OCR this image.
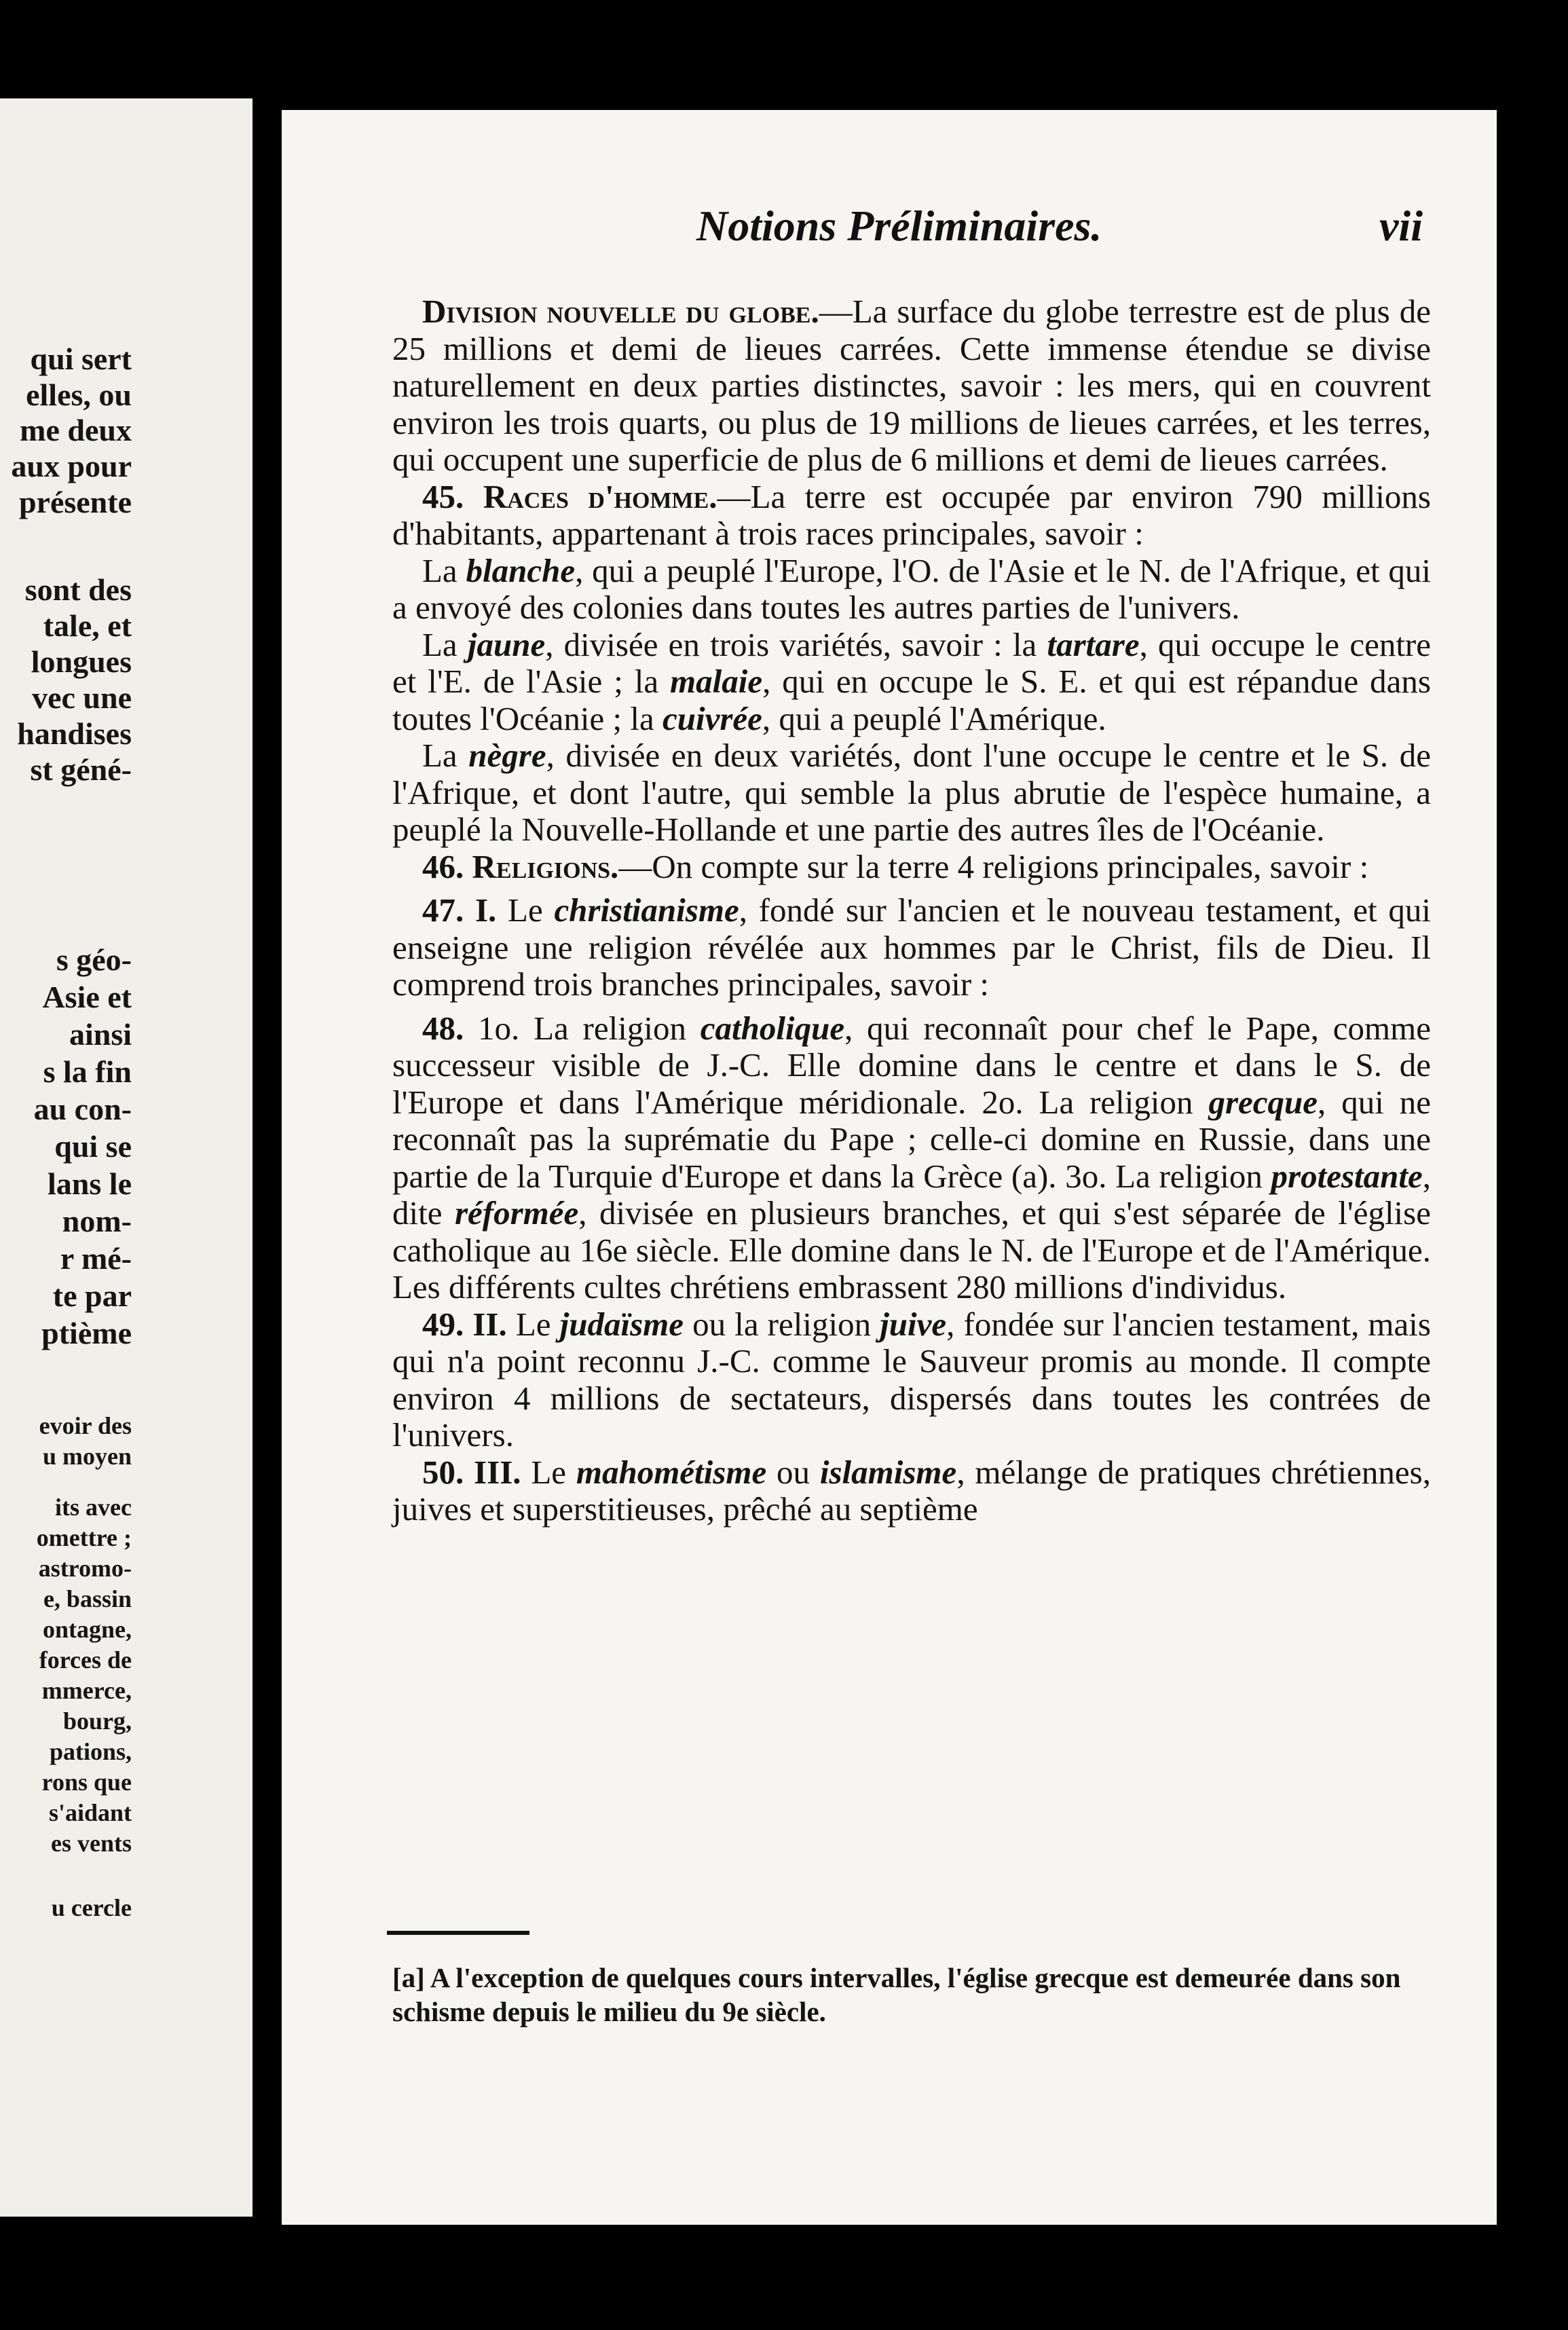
qui sert
elles, ou
me deux
aux pour
présente
sont des
tale, et
longues
vec une
handises
st géné-
s géo-
Asie et
ainsi
s la fin
au con-
qui se
lans le
nom-
r mé-
te par
ptième
evoir des
u moyen
its avec
omettre ;
astromo-
e, bassin
ontagne,
forces de
mmerce,
bourg,
pations,
rons que
s'aidant
es vents
u cercle
Notions Préliminaires.	vii

Division nouvelle du globe.—La surface du globe terrestre est de plus de 25 millions et demi de lieues carrées. Cette immense étendue se divise naturellement en deux parties distinctes, savoir : les mers, qui en couvrent environ les trois quarts, ou plus de 19 millions de lieues carrées, et les terres, qui occupent une superficie de plus de 6 millions et demi de lieues carrées.

45. Races d'homme.—La terre est occupée par environ 790 millions d'habitants, appartenant à trois races principales, savoir :

La blanche, qui a peuplé l'Europe, l'O. de l'Asie et le N. de l'Afrique, et qui a envoyé des colonies dans toutes les autres parties de l'univers.

La jaune, divisée en trois variétés, savoir : la tartare, qui occupe le centre et l'E. de l'Asie ; la malaie, qui en occupe le S. E. et qui est répandue dans toutes l'Océanie ; la cuivrée, qui a peuplé l'Amérique.

La nègre, divisée en deux variétés, dont l'une occupe le centre et le S. de l'Afrique, et dont l'autre, qui semble la plus abrutie de l'espèce humaine, a peuplé la Nouvelle-Hollande et une partie des autres îles de l'Océanie.

46. Religions.—On compte sur la terre 4 religions principales, savoir :

47. I. Le christianisme, fondé sur l'ancien et le nouveau testament, et qui enseigne une religion révélée aux hommes par le Christ, fils de Dieu. Il comprend trois branches principales, savoir :

48. 1o. La religion catholique, qui reconnaît pour chef le Pape, comme successeur visible de J.-C. Elle domine dans le centre et dans le S. de l'Europe et dans l'Amérique méridionale. 2o. La religion grecque, qui ne reconnaît pas la suprématie du Pape ; celle-ci domine en Russie, dans une partie de la Turquie d'Europe et dans la Grèce (a). 3o. La religion protestante, dite réformée, divisée en plusieurs branches, et qui s'est séparée de l'église catholique au 16e siècle. Elle domine dans le N. de l'Europe et de l'Amérique. Les différents cultes chrétiens embrassent 280 millions d'individus.

49. II. Le judaïsme ou la religion juive, fondée sur l'ancien testament, mais qui n'a point reconnu J.-C. comme le Sauveur promis au monde. Il compte environ 4 millions de sectateurs, dispersés dans toutes les contrées de l'univers.

50. III. Le mahométisme ou islamisme, mélange de pratiques chrétiennes, juives et superstitieuses, prêché au septième

[a] A l'exception de quelques cours intervalles, l'église grecque est demeurée dans son schisme depuis le milieu du 9e siècle.
